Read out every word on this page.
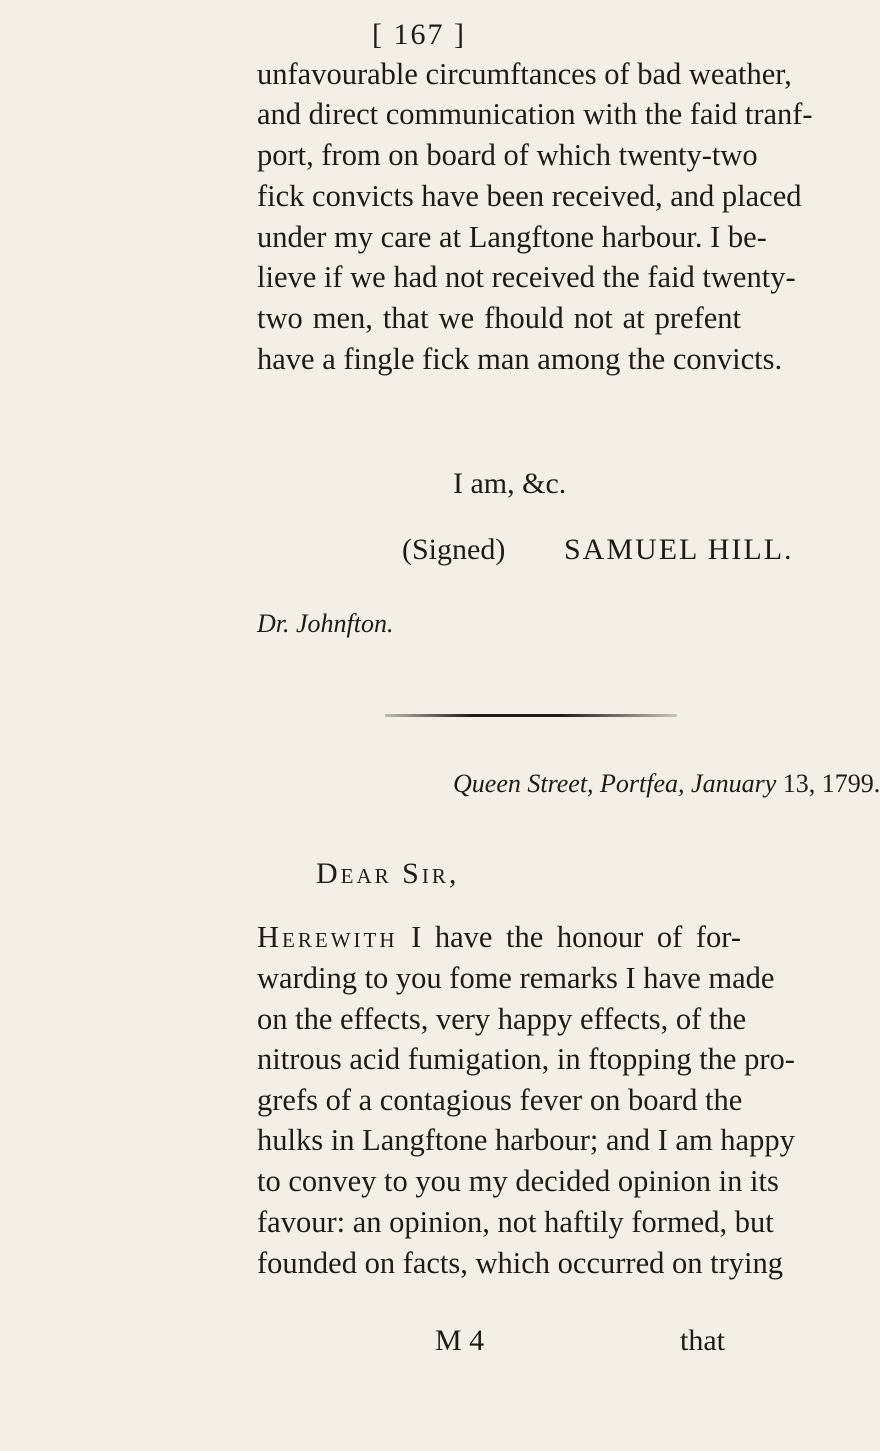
[ 167 ]
unfavourable circumftances of bad weather,
and direct communication with the faid tranf-
port, from on board of which twenty-two
fick convicts have been received, and placed
under my care at Langftone harbour. I be-
lieve if we had not received the faid twenty-
two men, that we fhould not at prefent
have a fingle fick man among the convicts.
I am, &c.
(Signed) SAMUEL HILL.
Dr. Johnfton.
Queen Street, Portfea, January 13, 1799.
Dear Sir,
Herewith I have the honour of for-
warding to you fome remarks I have made
on the effects, very happy effects, of the
nitrous acid fumigation, in ftopping the pro-
grefs of a contagious fever on board the
hulks in Langftone harbour; and I am happy
to convey to you my decided opinion in its
favour: an opinion, not haftily formed, but
founded on facts, which occurred on trying
M 4	that
